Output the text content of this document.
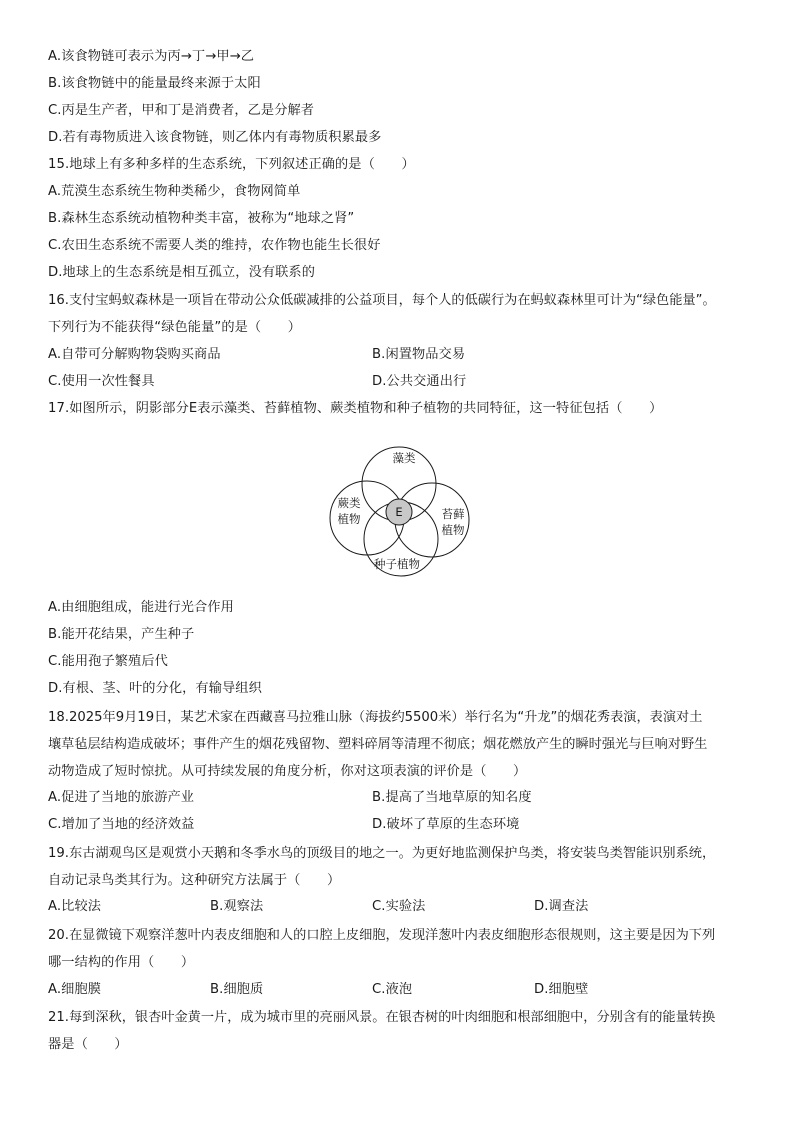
A.该食物链可表示为丙→丁→甲→乙
B.该食物链中的能量最终来源于太阳
C.丙是生产者，甲和丁是消费者，乙是分解者
D.若有毒物质进入该食物链，则乙体内有毒物质积累最多
15.地球上有多种多样的生态系统，下列叙述正确的是（　　）
A.荒漠生态系统生物种类稀少，食物网简单
B.森林生态系统动植物种类丰富，被称为“地球之肾”
C.农田生态系统不需要人类的维持，农作物也能生长很好
D.地球上的生态系统是相互孤立，没有联系的
16.支付宝蚂蚁森林是一项旨在带动公众低碳减排的公益项目，每个人的低碳行为在蚂蚁森林里可计为“绿色能量”。
下列行为不能获得“绿色能量”的是（　　）
A.自带可分解购物袋购买商品	B.闲置物品交易
C.使用一次性餐具	D.公共交通出行
17.如图所示，阴影部分E表示藻类、苔藓植物、蕨类植物和种子植物的共同特征，这一特征包括（　　）
藻类
蕨类
植物	苔藓
植物
种子植物
E
A.由细胞组成，能进行光合作用
B.能开花结果，产生种子
C.能用孢子繁殖后代
D.有根、茎、叶的分化，有输导组织
18.2025年9月19日，某艺术家在西藏喜马拉雅山脉（海拔约5500米）举行名为“升龙”的烟花秀表演，表演对土
壤草毡层结构造成破坏；事件产生的烟花残留物、塑料碎屑等清理不彻底；烟花燃放产生的瞬时强光与巨响对野生
动物造成了短时惊扰。从可持续发展的角度分析，你对这项表演的评价是（　　）
A.促进了当地的旅游产业	B.提高了当地草原的知名度
C.增加了当地的经济效益	D.破坏了草原的生态环境
19.东古湖观鸟区是观赏小天鹅和冬季水鸟的顶级目的地之一。为更好地监测保护鸟类，将安装鸟类智能识别系统，
自动记录鸟类其行为。这种研究方法属于（　　）
A.比较法	B.观察法	C.实验法	D.调查法
20.在显微镜下观察洋葱叶内表皮细胞和人的口腔上皮细胞，发现洋葱叶内表皮细胞形态很规则，这主要是因为下列
哪一结构的作用（　　）
A.细胞膜	B.细胞质	C.液泡	D.细胞壁
21.每到深秋，银杏叶金黄一片，成为城市里的亮丽风景。在银杏树的叶肉细胞和根部细胞中，分别含有的能量转换
器是（　　）
